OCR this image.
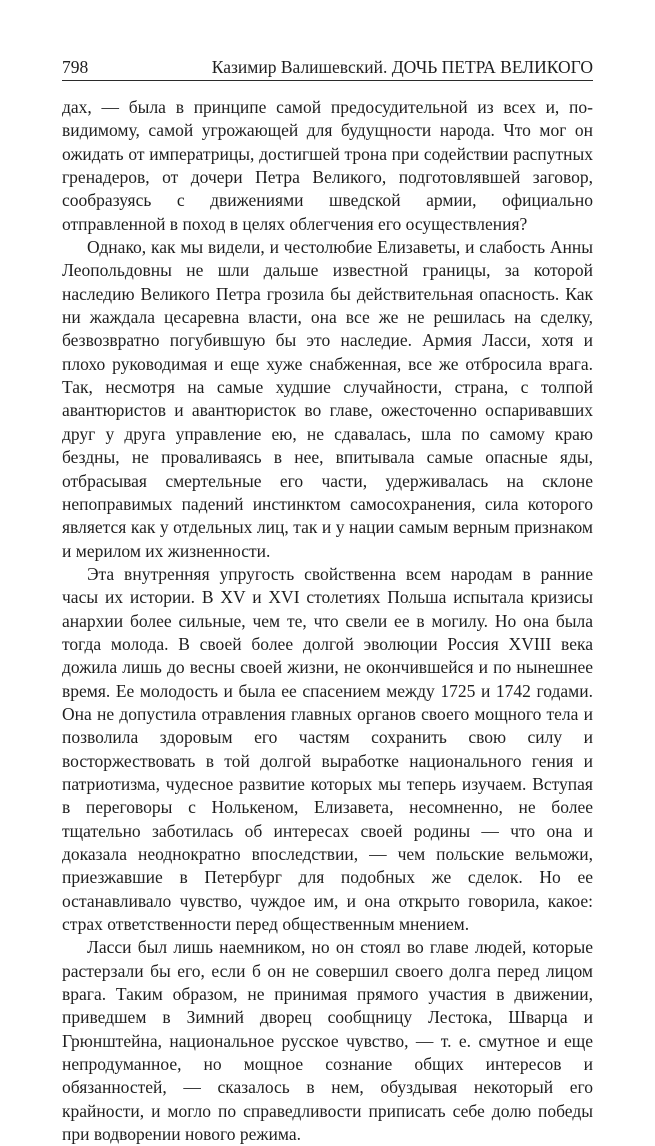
798	Казимир Валишевский. ДОЧЬ ПЕТРА ВЕЛИКОГО

дах, — была в принципе самой предосудительной из всех и, по-видимому, самой угрожающей для будущности народа. Что мог он ожидать от императрицы, достигшей трона при содействии распутных гренадеров, от дочери Петра Великого, подготовлявшей заговор, сообразуясь с движениями шведской армии, официально отправленной в поход в целях облегчения его осуществления?

Однако, как мы видели, и честолюбие Елизаветы, и слабость Анны Леопольдовны не шли дальше известной границы, за которой наследию Великого Петра грозила бы действительная опасность. Как ни жаждала цесаревна власти, она все же не решилась на сделку, безвозвратно погубившую бы это наследие. Армия Ласси, хотя и плохо руководимая и еще хуже снабженная, все же отбросила врага. Так, несмотря на самые худшие случайности, страна, с толпой авантюристов и авантюристок во главе, ожесточенно оспаривавших друг у друга управление ею, не сдавалась, шла по самому краю бездны, не проваливаясь в нее, впитывала самые опасные яды, отбрасывая смертельные его части, удерживалась на склоне непоправимых падений инстинктом самосохранения, сила которого является как у отдельных лиц, так и у нации самым верным признаком и мерилом их жизненности.

Эта внутренняя упругость свойственна всем народам в ранние часы их истории. В XV и XVI столетиях Польша испытала кризисы анархии более сильные, чем те, что свели ее в могилу. Но она была тогда молода. В своей более долгой эволюции Россия XVIII века дожила лишь до весны своей жизни, не окончившейся и по нынешнее время. Ее молодость и была ее спасением между 1725 и 1742 годами. Она не допустила отравления главных органов своего мощного тела и позволила здоровым его частям сохранить свою силу и восторжествовать в той долгой выработке национального гения и патриотизма, чудесное развитие которых мы теперь изучаем. Вступая в переговоры с Нолькеном, Елизавета, несомненно, не более тщательно заботилась об интересах своей родины — что она и доказала неоднократно впоследствии, — чем польские вельможи, приезжавшие в Петербург для подобных же сделок. Но ее останавливало чувство, чуждое им, и она открыто говорила, какое: страх ответственности перед общественным мнением.

Ласси был лишь наемником, но он стоял во главе людей, которые растерзали бы его, если б он не совершил своего долга перед лицом врага. Таким образом, не принимая прямого участия в движении, приведшем в Зимний дворец сообщницу Лестока, Шварца и Грюнштейна, национальное русское чувство, — т. е. смутное и еще непродуманное, но мощное сознание общих интересов и обязанностей, — сказалось в нем, обуздывая некоторый его крайности, и могло по справедливости приписать себе долю победы при водворении нового режима.
